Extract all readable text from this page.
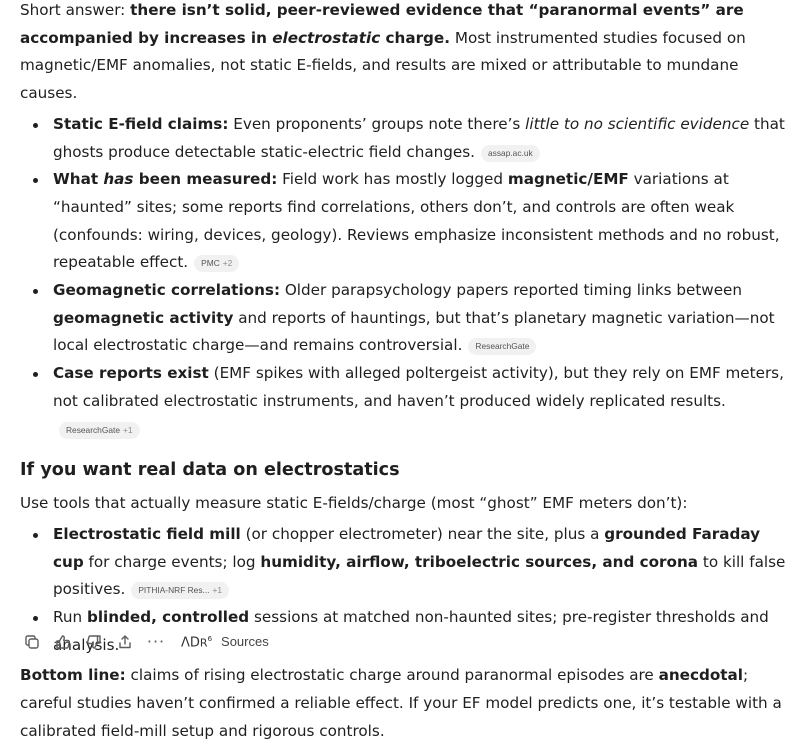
Short answer: there isn’t solid, peer-reviewed evidence that “paranormal events” are accompanied by increases in electrostatic charge. Most instrumented studies focused on magnetic/EMF anomalies, not static E-fields, and results are mixed or attributable to mundane causes.

Static E-field claims: Even proponents’ groups note there’s little to no scientific evidence that ghosts produce detectable static-electric field changes. assap.ac.uk
What has been measured: Field work has mostly logged magnetic/EMF variations at “haunted” sites; some reports find correlations, others don’t, and controls are often weak (confounds: wiring, devices, geology). Reviews emphasize inconsistent methods and no robust, repeatable effect. PMC +2
Geomagnetic correlations: Older parapsychology papers reported timing links between geomagnetic activity and reports of hauntings, but that’s planetary magnetic variation—not local electrostatic charge—and remains controversial. ResearchGate
Case reports exist (EMF spikes with alleged poltergeist activity), but they rely on EMF meters, not calibrated electrostatic instruments, and haven’t produced widely replicated results.ResearchGate +1
If you want real data on electrostatics

Use tools that actually measure static E-fields/charge (most “ghost” EMF meters don’t):

Electrostatic field mill (or chopper electrometer) near the site, plus a grounded Faraday cup for charge events; log humidity, airflow, triboelectric sources, and corona to kill false positives. PITHIA-NRF Res... +1
Run blinded, controlled sessions at matched non-haunted sites; pre-register thresholds and analysis.

Bottom line: claims of rising electrostatic charge around paranormal episodes are anecdotal; careful studies haven’t confirmed a reliable effect. If your EF model predicts one, it’s testable with a calibrated field-mill setup and rigorous controls.

··· $\Lambda DR^6$ Sources
